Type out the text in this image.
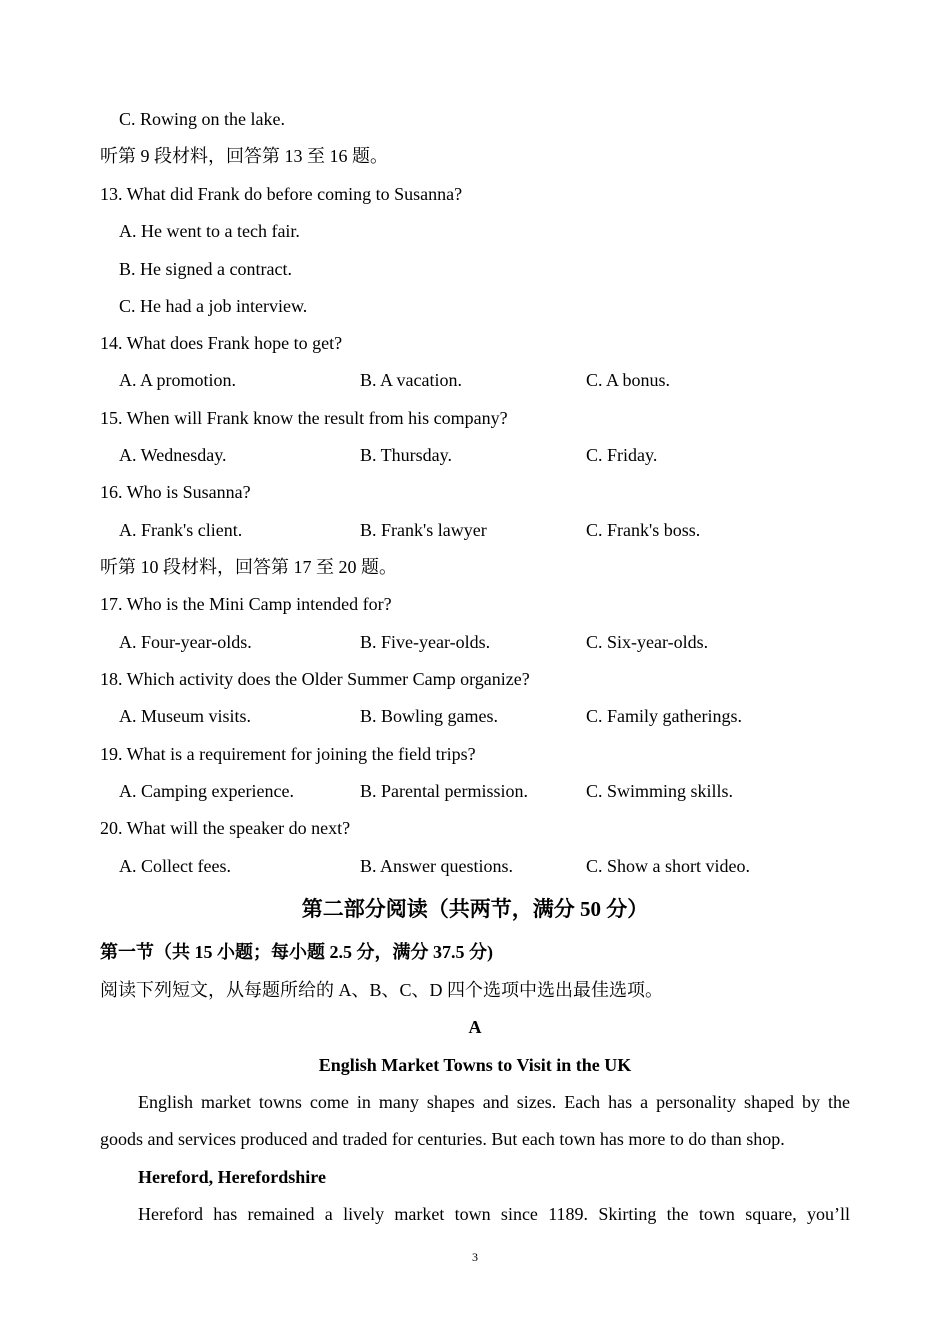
C. Rowing on the lake.
听第 9 段材料，回答第 13 至 16 题。
13. What did Frank do before coming to Susanna?
A. He went to a tech fair.
B. He signed a contract.
C. He had a job interview.
14. What does Frank hope to get?
A. A promotion.	B. A vacation.	C. A bonus.
15. When will Frank know the result from his company?
A. Wednesday.	B. Thursday.	C. Friday.
16. Who is Susanna?
A. Frank's client.	B. Frank's lawyer	C. Frank's boss.
听第 10 段材料，回答第 17 至 20 题。
17. Who is the Mini Camp intended for?
A. Four-year-olds.	B. Five-year-olds.	C. Six-year-olds.
18. Which activity does the Older Summer Camp organize?
A. Museum visits.	B. Bowling games.	C. Family gatherings.
19. What is a requirement for joining the field trips?
A. Camping experience.	B. Parental permission.	C. Swimming skills.
20. What will the speaker do next?
A. Collect fees.	B. Answer questions.	C. Show a short video.
第二部分阅读（共两节，满分 50 分）
第一节（共 15 小题；每小题 2.5 分，满分 37.5 分)
阅读下列短文，从每题所给的 A、B、C、D 四个选项中选出最佳选项。
A
English Market Towns to Visit in the UK
English market towns come in many shapes and sizes. Each has a personality shaped by the
goods and services produced and traded for centuries. But each town has more to do than shop.
Hereford, Herefordshire
Hereford has remained a lively market town since 1189. Skirting the town square, you’ll
3
